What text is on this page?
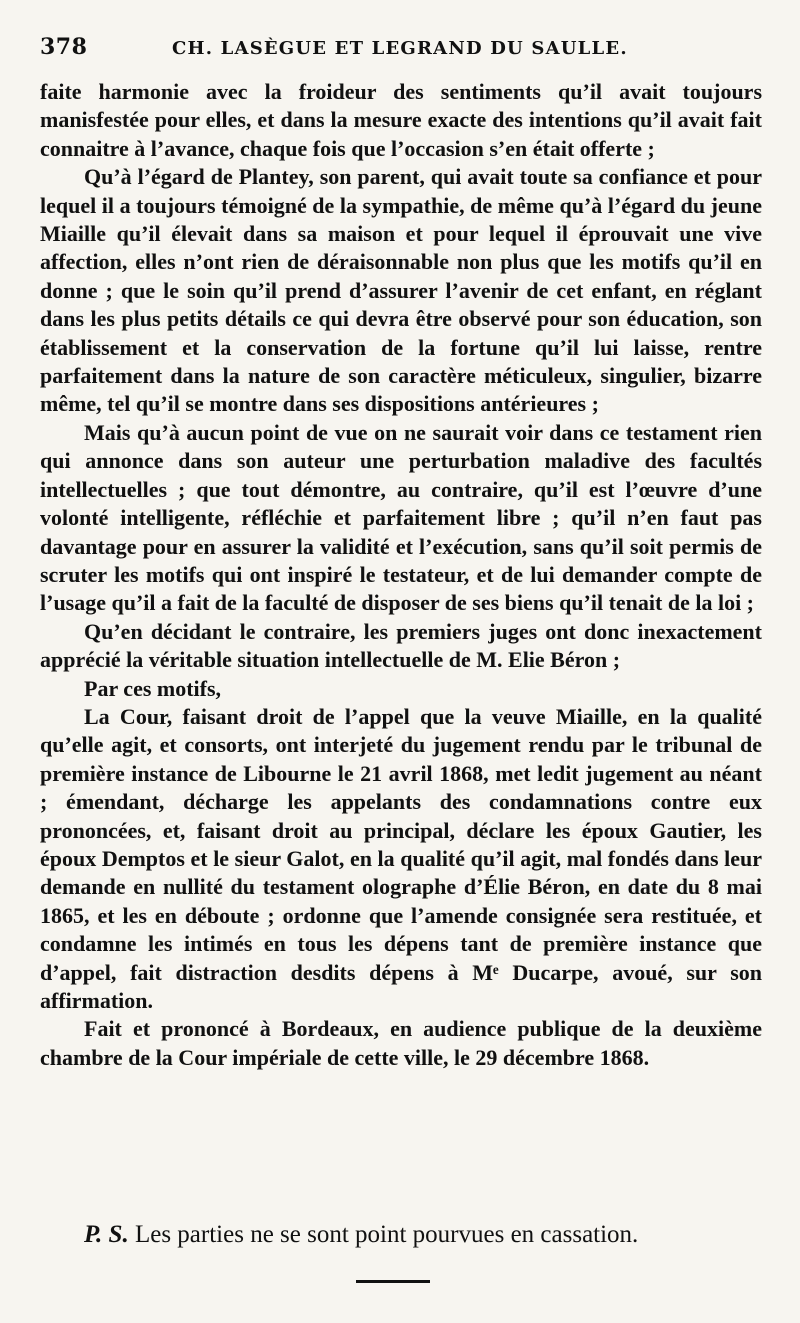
378	CH. LASÈGUE ET LEGRAND DU SAULLE.

faite harmonie avec la froideur des sentiments qu’il avait toujours manisfestée pour elles, et dans la mesure exacte des intentions qu’il avait fait connaitre à l’avance, chaque fois que l’occasion s’en était offerte ;

Qu’à l’égard de Plantey, son parent, qui avait toute sa confiance et pour lequel il a toujours témoigné de la sympathie, de même qu’à l’égard du jeune Miaille qu’il élevait dans sa maison et pour lequel il éprouvait une vive affection, elles n’ont rien de déraisonnable non plus que les motifs qu’il en donne ; que le soin qu’il prend d’assurer l’avenir de cet enfant, en réglant dans les plus petits détails ce qui devra être observé pour son éducation, son établissement et la conservation de la fortune qu’il lui laisse, rentre parfaitement dans la nature de son caractère méticuleux, singulier, bizarre même, tel qu’il se montre dans ses dispositions antérieures ;

Mais qu’à aucun point de vue on ne saurait voir dans ce testament rien qui annonce dans son auteur une perturbation maladive des facultés intellectuelles ; que tout démontre, au contraire, qu’il est l’œuvre d’une volonté intelligente, réfléchie et parfaitement libre ; qu’il n’en faut pas davantage pour en assurer la validité et l’exécution, sans qu’il soit permis de scruter les motifs qui ont inspiré le testateur, et de lui demander compte de l’usage qu’il a fait de la faculté de disposer de ses biens qu’il tenait de la loi ;

Qu’en décidant le contraire, les premiers juges ont donc inexactement apprécié la véritable situation intellectuelle de M. Elie Béron ;

Par ces motifs,

La Cour, faisant droit de l’appel que la veuve Miaille, en la qualité qu’elle agit, et consorts, ont interjeté du jugement rendu par le tribunal de première instance de Libourne le 21 avril 1868, met ledit jugement au néant ; émendant, décharge les appelants des condamnations contre eux prononcées, et, faisant droit au principal, déclare les époux Gautier, les époux Demptos et le sieur Galot, en la qualité qu’il agit, mal fondés dans leur demande en nullité du testament olographe d’Élie Béron, en date du 8 mai 1865, et les en déboute ; ordonne que l’amende consignée sera restituée, et condamne les intimés en tous les dépens tant de première instance que d’appel, fait distraction desdits dépens à Mᵉ Ducarpe, avoué, sur son affirmation.

Fait et prononcé à Bordeaux, en audience publique de la deuxième chambre de la Cour impériale de cette ville, le 29 décembre 1868.

P. S. Les parties ne se sont point pourvues en cassation.
